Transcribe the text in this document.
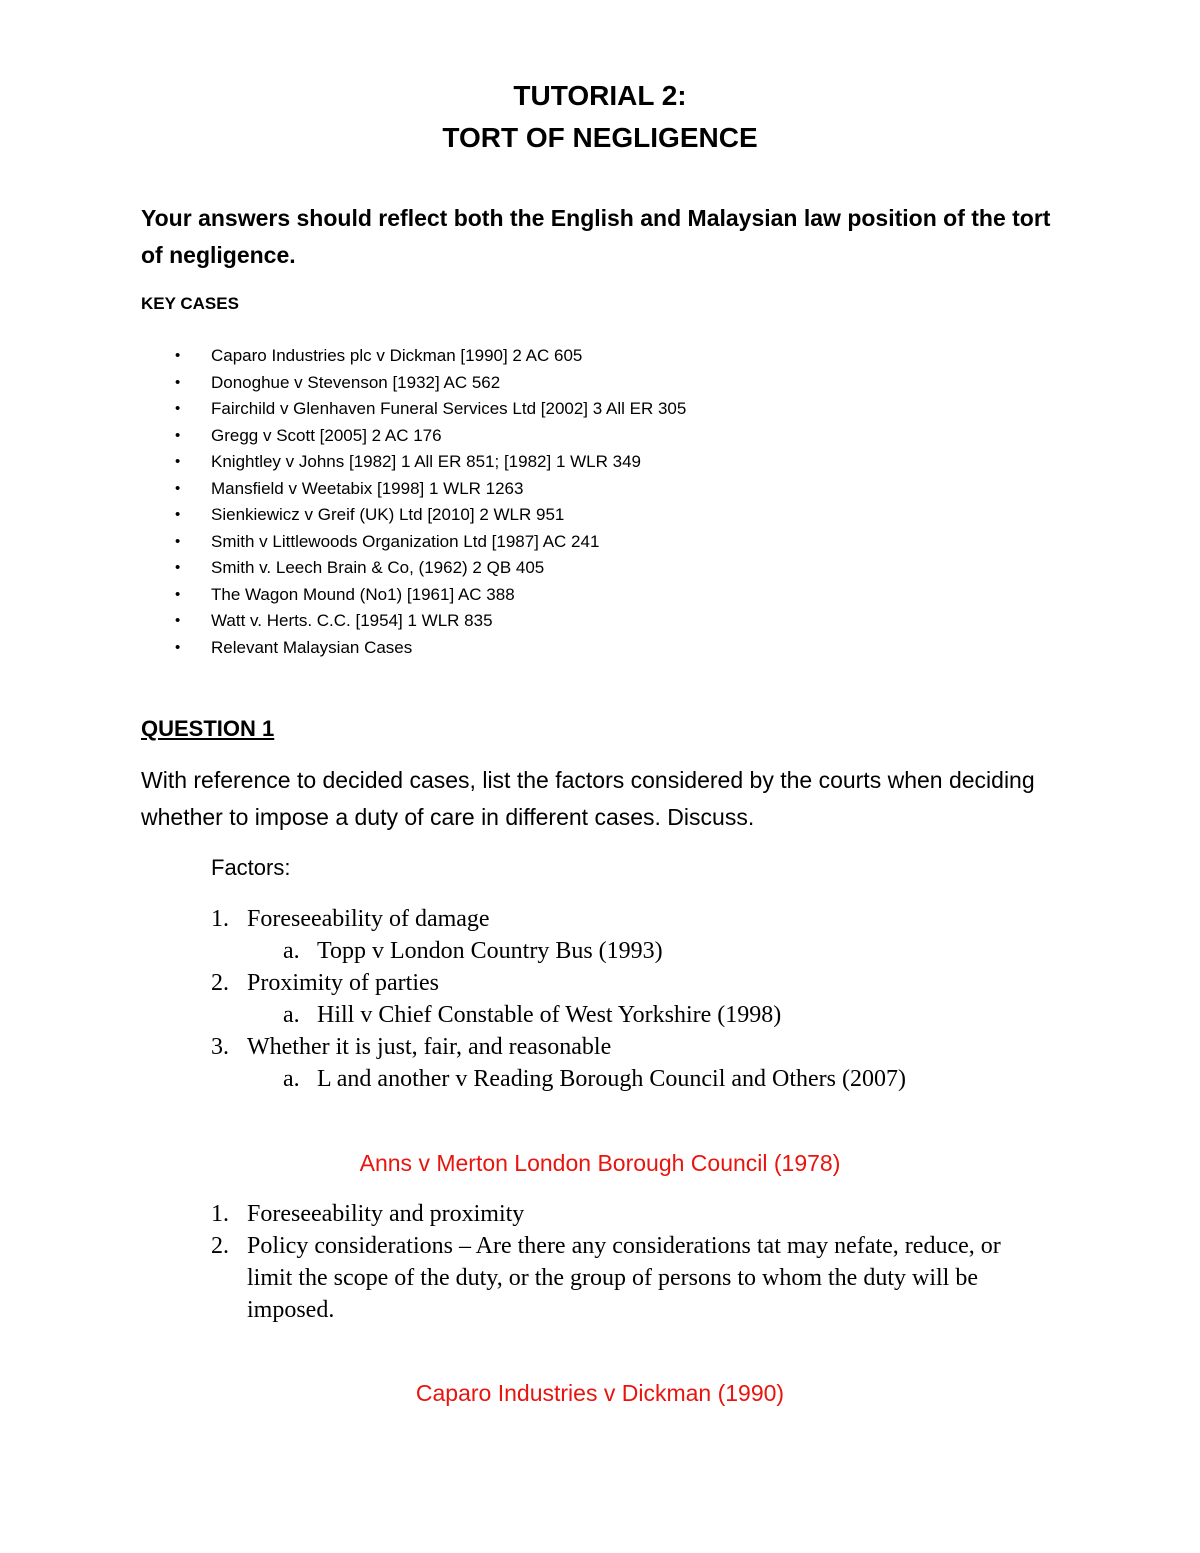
TUTORIAL 2:
TORT OF NEGLIGENCE
Your answers should reflect both the English and Malaysian law position of the tort of negligence.
KEY CASES
• Caparo Industries plc v Dickman [1990] 2 AC 605
• Donoghue v Stevenson [1932] AC 562
• Fairchild v Glenhaven Funeral Services Ltd [2002] 3 All ER 305
• Gregg v Scott [2005] 2 AC 176
• Knightley v Johns [1982] 1 All ER 851; [1982] 1 WLR 349
• Mansfield v Weetabix [1998] 1 WLR 1263
• Sienkiewicz v Greif (UK) Ltd [2010] 2 WLR 951
• Smith v Littlewoods Organization Ltd [1987] AC 241
• Smith v. Leech Brain & Co, (1962) 2 QB 405
• The Wagon Mound (No1) [1961] AC 388
• Watt v. Herts. C.C. [1954] 1 WLR 835
• Relevant Malaysian Cases
QUESTION 1
With reference to decided cases, list the factors considered by the courts when deciding whether to impose a duty of care in different cases. Discuss.
Factors:
1. Foreseeability of damage
a. Topp v London Country Bus (1993)
2. Proximity of parties
a. Hill v Chief Constable of West Yorkshire (1998)
3. Whether it is just, fair, and reasonable
a. L and another v Reading Borough Council and Others (2007)
Anns v Merton London Borough Council (1978)
1. Foreseeability and proximity
2. Policy considerations – Are there any considerations tat may nefate, reduce, or limit the scope of the duty, or the group of persons to whom the duty will be imposed.
Caparo Industries v Dickman (1990)
